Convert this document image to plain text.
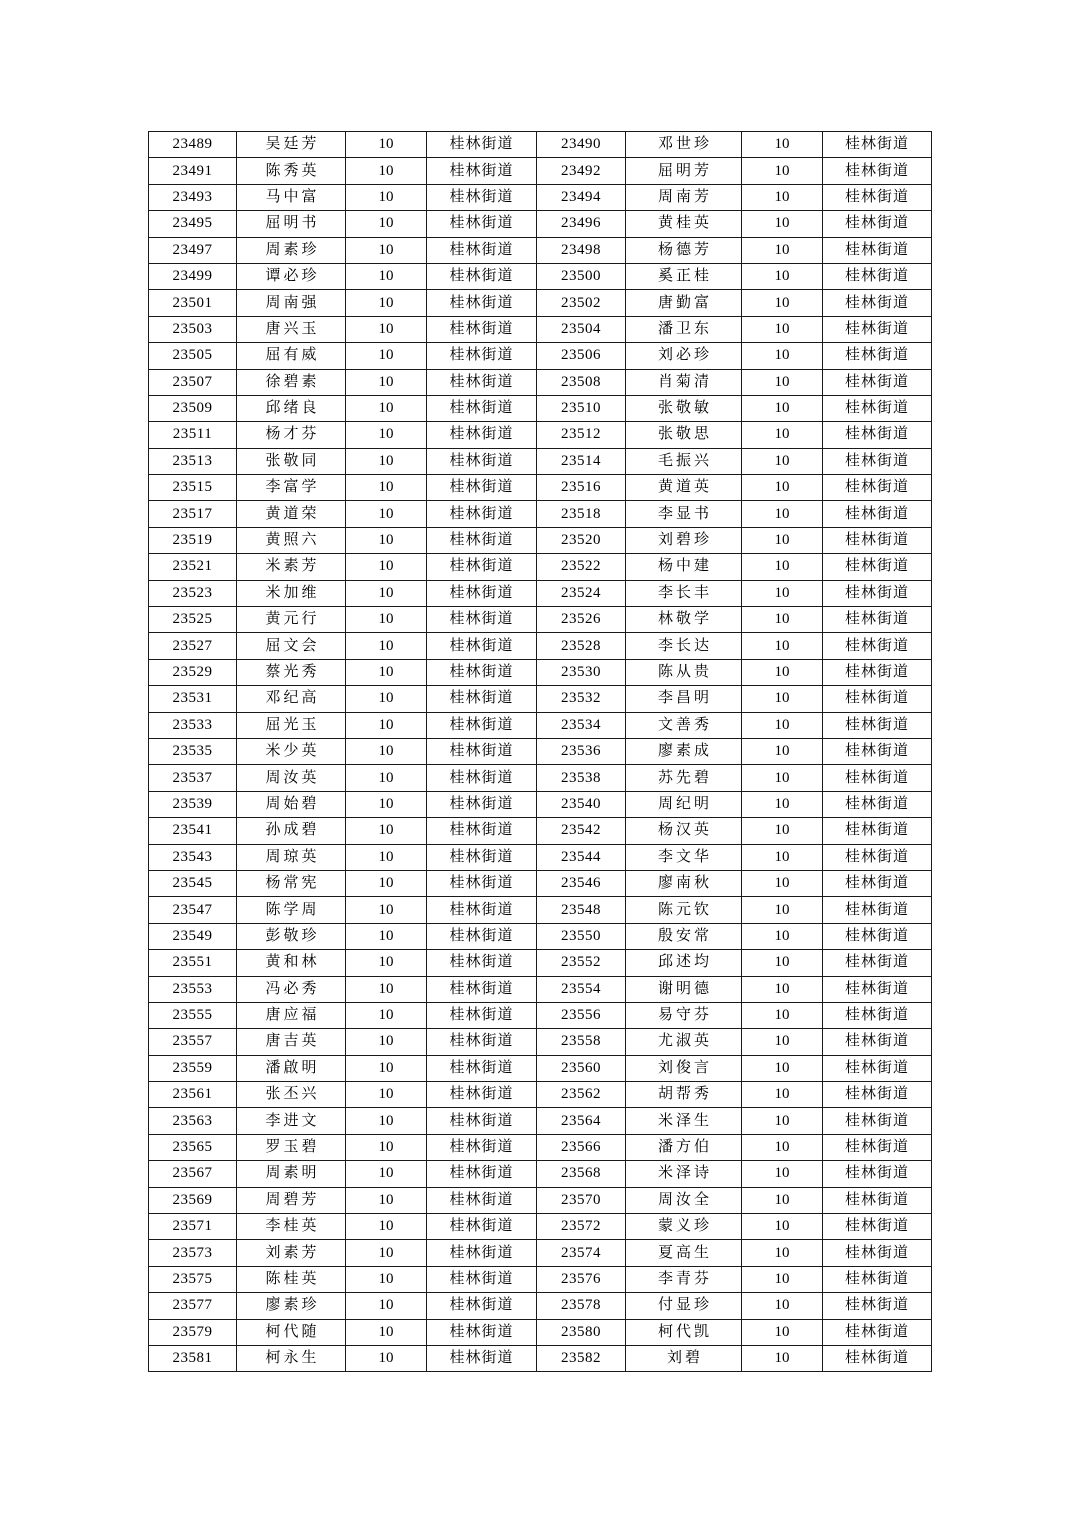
23489	吴廷芳	10	桂林街道	23490	邓世珍	10	桂林街道
23491	陈秀英	10	桂林街道	23492	屈明芳	10	桂林街道
23493	马中富	10	桂林街道	23494	周南芳	10	桂林街道
23495	屈明书	10	桂林街道	23496	黄桂英	10	桂林街道
23497	周素珍	10	桂林街道	23498	杨德芳	10	桂林街道
23499	谭必珍	10	桂林街道	23500	奚正桂	10	桂林街道
23501	周南强	10	桂林街道	23502	唐勤富	10	桂林街道
23503	唐兴玉	10	桂林街道	23504	潘卫东	10	桂林街道
23505	屈有威	10	桂林街道	23506	刘必珍	10	桂林街道
23507	徐碧素	10	桂林街道	23508	肖菊清	10	桂林街道
23509	邱绪良	10	桂林街道	23510	张敬敏	10	桂林街道
23511	杨才芬	10	桂林街道	23512	张敬思	10	桂林街道
23513	张敬同	10	桂林街道	23514	毛振兴	10	桂林街道
23515	李富学	10	桂林街道	23516	黄道英	10	桂林街道
23517	黄道荣	10	桂林街道	23518	李显书	10	桂林街道
23519	黄照六	10	桂林街道	23520	刘碧珍	10	桂林街道
23521	米素芳	10	桂林街道	23522	杨中建	10	桂林街道
23523	米加维	10	桂林街道	23524	李长丰	10	桂林街道
23525	黄元行	10	桂林街道	23526	林敬学	10	桂林街道
23527	屈文会	10	桂林街道	23528	李长达	10	桂林街道
23529	蔡光秀	10	桂林街道	23530	陈从贵	10	桂林街道
23531	邓纪高	10	桂林街道	23532	李昌明	10	桂林街道
23533	屈光玉	10	桂林街道	23534	文善秀	10	桂林街道
23535	米少英	10	桂林街道	23536	廖素成	10	桂林街道
23537	周汝英	10	桂林街道	23538	苏先碧	10	桂林街道
23539	周始碧	10	桂林街道	23540	周纪明	10	桂林街道
23541	孙成碧	10	桂林街道	23542	杨汉英	10	桂林街道
23543	周琼英	10	桂林街道	23544	李文华	10	桂林街道
23545	杨常宪	10	桂林街道	23546	廖南秋	10	桂林街道
23547	陈学周	10	桂林街道	23548	陈元钦	10	桂林街道
23549	彭敬珍	10	桂林街道	23550	殷安常	10	桂林街道
23551	黄和林	10	桂林街道	23552	邱述均	10	桂林街道
23553	冯必秀	10	桂林街道	23554	谢明德	10	桂林街道
23555	唐应福	10	桂林街道	23556	易守芬	10	桂林街道
23557	唐吉英	10	桂林街道	23558	尤淑英	10	桂林街道
23559	潘啟明	10	桂林街道	23560	刘俊言	10	桂林街道
23561	张丕兴	10	桂林街道	23562	胡帮秀	10	桂林街道
23563	李进文	10	桂林街道	23564	米泽生	10	桂林街道
23565	罗玉碧	10	桂林街道	23566	潘方伯	10	桂林街道
23567	周素明	10	桂林街道	23568	米泽诗	10	桂林街道
23569	周碧芳	10	桂林街道	23570	周汝全	10	桂林街道
23571	李桂英	10	桂林街道	23572	蒙义珍	10	桂林街道
23573	刘素芳	10	桂林街道	23574	夏高生	10	桂林街道
23575	陈桂英	10	桂林街道	23576	李青芬	10	桂林街道
23577	廖素珍	10	桂林街道	23578	付显珍	10	桂林街道
23579	柯代随	10	桂林街道	23580	柯代凯	10	桂林街道
23581	柯永生	10	桂林街道	23582	刘碧	10	桂林街道
